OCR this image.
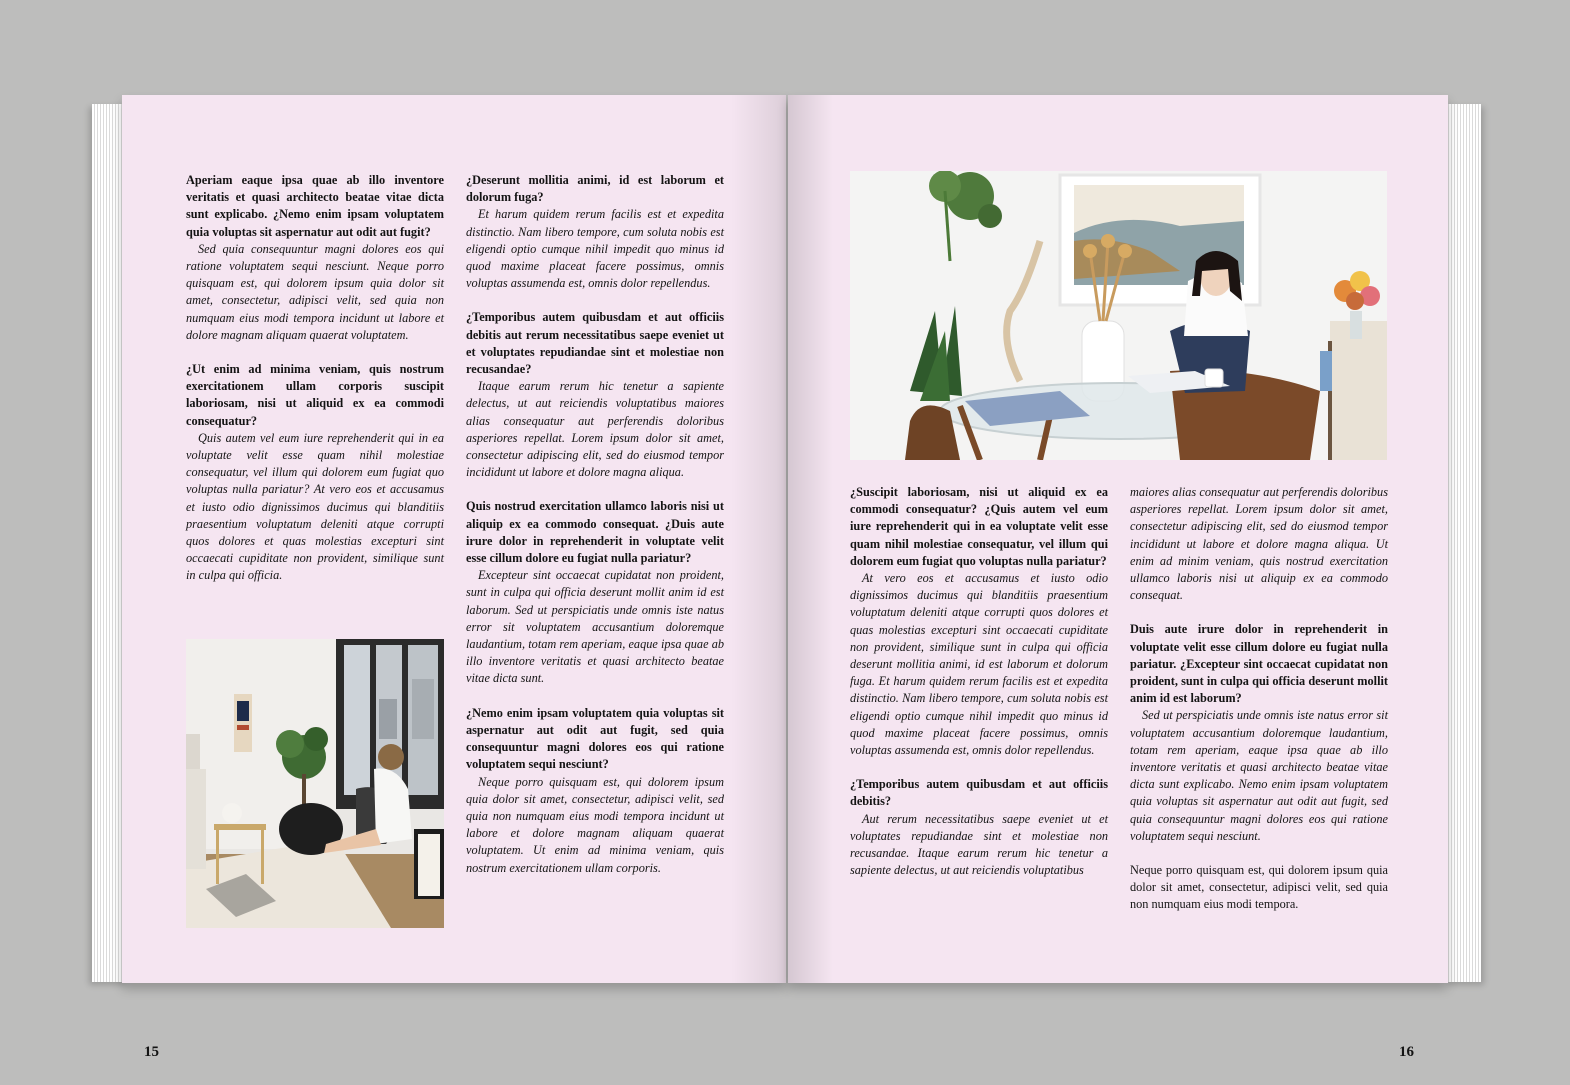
Aperiam eaque ipsa quae ab illo inventore veritatis et quasi architecto beatae vitae dicta sunt explicabo. ¿Nemo enim ipsam voluptatem quia voluptas sit aspernatur aut odit aut fugit?

Sed quia consequuntur magni dolores eos qui ratione voluptatem sequi nesciunt. Neque porro quisquam est, qui dolorem ipsum quia dolor sit amet, consectetur, adipisci velit, sed quia non numquam eius modi tempora incidunt ut labore et dolore magnam aliquam quaerat voluptatem.

¿Ut enim ad minima veniam, quis nostrum exercitationem ullam corporis suscipit laboriosam, nisi ut aliquid ex ea commodi consequatur?

Quis autem vel eum iure reprehenderit qui in ea voluptate velit esse quam nihil molestiae consequatur, vel illum qui dolorem eum fugiat quo voluptas nulla pariatur? At vero eos et accusamus et iusto odio dignissimos ducimus qui blanditiis praesentium voluptatum deleniti atque corrupti quos dolores et quas molestias excepturi sint occaecati cupiditate non provident, similique sunt in culpa qui officia.

¿Deserunt mollitia animi, id est laborum et dolorum fuga?

Et harum quidem rerum facilis est et expedita distinctio. Nam libero tempore, cum soluta nobis est eligendi optio cumque nihil impedit quo minus id quod maxime placeat facere possimus, omnis voluptas assumenda est, omnis dolor repellendus.

¿Temporibus autem quibusdam et aut officiis debitis aut rerum necessitatibus saepe eveniet ut et voluptates repudiandae sint et molestiae non recusandae?

Itaque earum rerum hic tenetur a sapiente delectus, ut aut reiciendis voluptatibus maiores alias consequatur aut perferendis doloribus asperiores repellat. Lorem ipsum dolor sit amet, consectetur adipiscing elit, sed do eiusmod tempor incididunt ut labore et dolore magna aliqua.

Quis nostrud exercitation ullamco laboris nisi ut aliquip ex ea commodo consequat. ¿Duis aute irure dolor in reprehenderit in voluptate velit esse cillum dolore eu fugiat nulla pariatur?

Excepteur sint occaecat cupidatat non proident, sunt in culpa qui officia deserunt mollit anim id est laborum. Sed ut perspiciatis unde omnis iste natus error sit voluptatem accusantium doloremque laudantium, totam rem aperiam, eaque ipsa quae ab illo inventore veritatis et quasi architecto beatae vitae dicta sunt.

¿Nemo enim ipsam voluptatem quia voluptas sit aspernatur aut odit aut fugit, sed quia consequuntur magni dolores eos qui ratione voluptatem sequi nesciunt?

Neque porro quisquam est, qui dolorem ipsum quia dolor sit amet, consectetur, adipisci velit, sed quia non numquam eius modi tempora incidunt ut labore et dolore magnam aliquam quaerat voluptatem. Ut enim ad minima veniam, quis nostrum exercitationem ullam corporis.

15

¿Suscipit laboriosam, nisi ut aliquid ex ea commodi consequatur? ¿Quis autem vel eum iure reprehenderit qui in ea voluptate velit esse quam nihil molestiae consequatur, vel illum qui dolorem eum fugiat quo voluptas nulla pariatur?

At vero eos et accusamus et iusto odio dignissimos ducimus qui blanditiis praesentium voluptatum deleniti atque corrupti quos dolores et quas molestias excepturi sint occaecati cupiditate non provident, similique sunt in culpa qui officia deserunt mollitia animi, id est laborum et dolorum fuga. Et harum quidem rerum facilis est et expedita distinctio. Nam libero tempore, cum soluta nobis est eligendi optio cumque nihil impedit quo minus id quod maxime placeat facere possimus, omnis voluptas assumenda est, omnis dolor repellendus.

¿Temporibus autem quibusdam et aut officiis debitis?

Aut rerum necessitatibus saepe eveniet ut et voluptates repudiandae sint et molestiae non recusandae. Itaque earum rerum hic tenetur a sapiente delectus, ut aut reiciendis voluptatibus

maiores alias consequatur aut perferendis doloribus asperiores repellat. Lorem ipsum dolor sit amet, consectetur adipiscing elit, sed do eiusmod tempor incididunt ut labore et dolore magna aliqua. Ut enim ad minim veniam, quis nostrud exercitation ullamco laboris nisi ut aliquip ex ea commodo consequat.

Duis aute irure dolor in reprehenderit in voluptate velit esse cillum dolore eu fugiat nulla pariatur. ¿Excepteur sint occaecat cupidatat non proident, sunt in culpa qui officia deserunt mollit anim id est laborum?

Sed ut perspiciatis unde omnis iste natus error sit voluptatem accusantium doloremque laudantium, totam rem aperiam, eaque ipsa quae ab illo inventore veritatis et quasi architecto beatae vitae dicta sunt explicabo. Nemo enim ipsam voluptatem quia voluptas sit aspernatur aut odit aut fugit, sed quia consequuntur magni dolores eos qui ratione voluptatem sequi nesciunt.

Neque porro quisquam est, qui dolorem ipsum quia dolor sit amet, consectetur, adipisci velit, sed quia non numquam eius modi tempora.

16
